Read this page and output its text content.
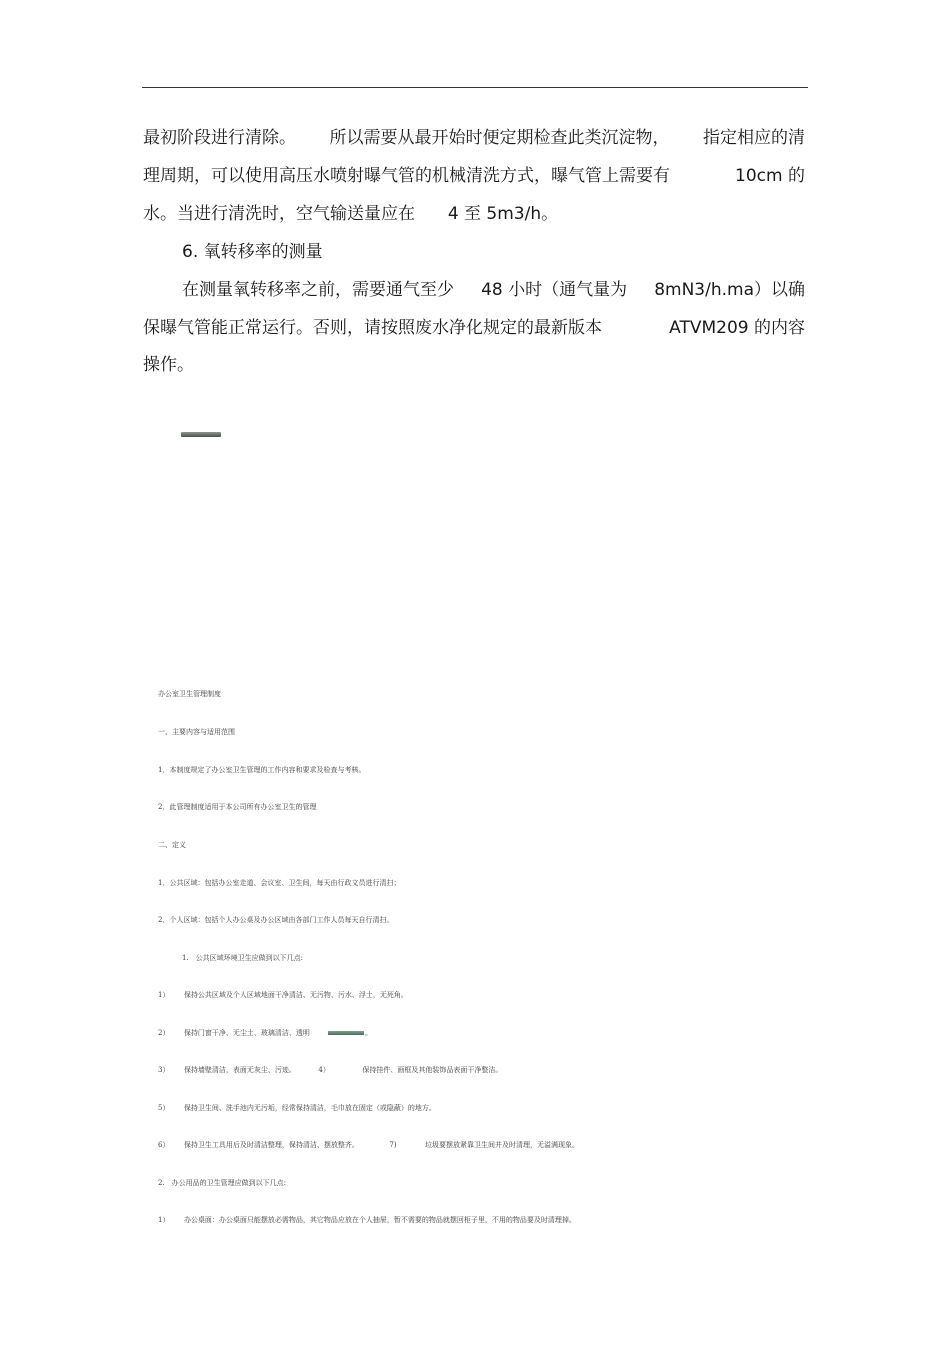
最初阶段进行清除。 所以需要从最开始时便定期检查此类沉淀物， 指定相应的清
理周期，可以使用高压水喷射曝气管的机械清洗方式，曝气管上需要有	10cm 的
水。当进行清洗时，空气输送量应在 4 至 5m3/h。
6. 氧转移率的测量
在测量氧转移率之前，需要通气至少 48 小时（通气量为 8mN3/h.ma）以确
保曝气管能正常运行。否则，请按照废水净化规定的最新版本	ATVM209 的内容
操作。
办公室卫生管理制度
一、主要内容与适用范围
1．本制度规定了办公室卫生管理的工作内容和要求及检查与考核。
2．此管理制度适用于本公司所有办公室卫生的管理
二、定义
1．公共区域：包括办公室走道、会议室、卫生间，每天由行政文员进行清扫；
2．个人区域：包括个人办公桌及办公区域由各部门工作人员每天自行清扫。
1.　公共区域环境卫生应做到以下几点:
1） 保持公共区域及个人区域地面干净清洁、无污物、污水、浮土，无死角。
2） 保持门窗干净、无尘土、玻璃清洁、透明	。
3） 保持墙壁清洁，表面无灰尘、污迹。	4）	保持挂件、画框及其他装饰品表面干净整洁。
5） 保持卫生间、洗手池内无污垢，经常保持清洁，毛巾放在固定（或隐蔽）的地方。
6） 保持卫生工具用后及时清洁整理，保持清洁、摆放整齐。	7)	垃圾要摆放紧靠卫生间并及时清理，无溢满现象。
2.　办公用品的卫生管理应做到以下几点:
1） 办公桌面：办公桌面只能摆放必需物品，其它物品应放在个人抽屉，暂不需要的物品就摆回柜子里，不用的物品要及时清理掉。
